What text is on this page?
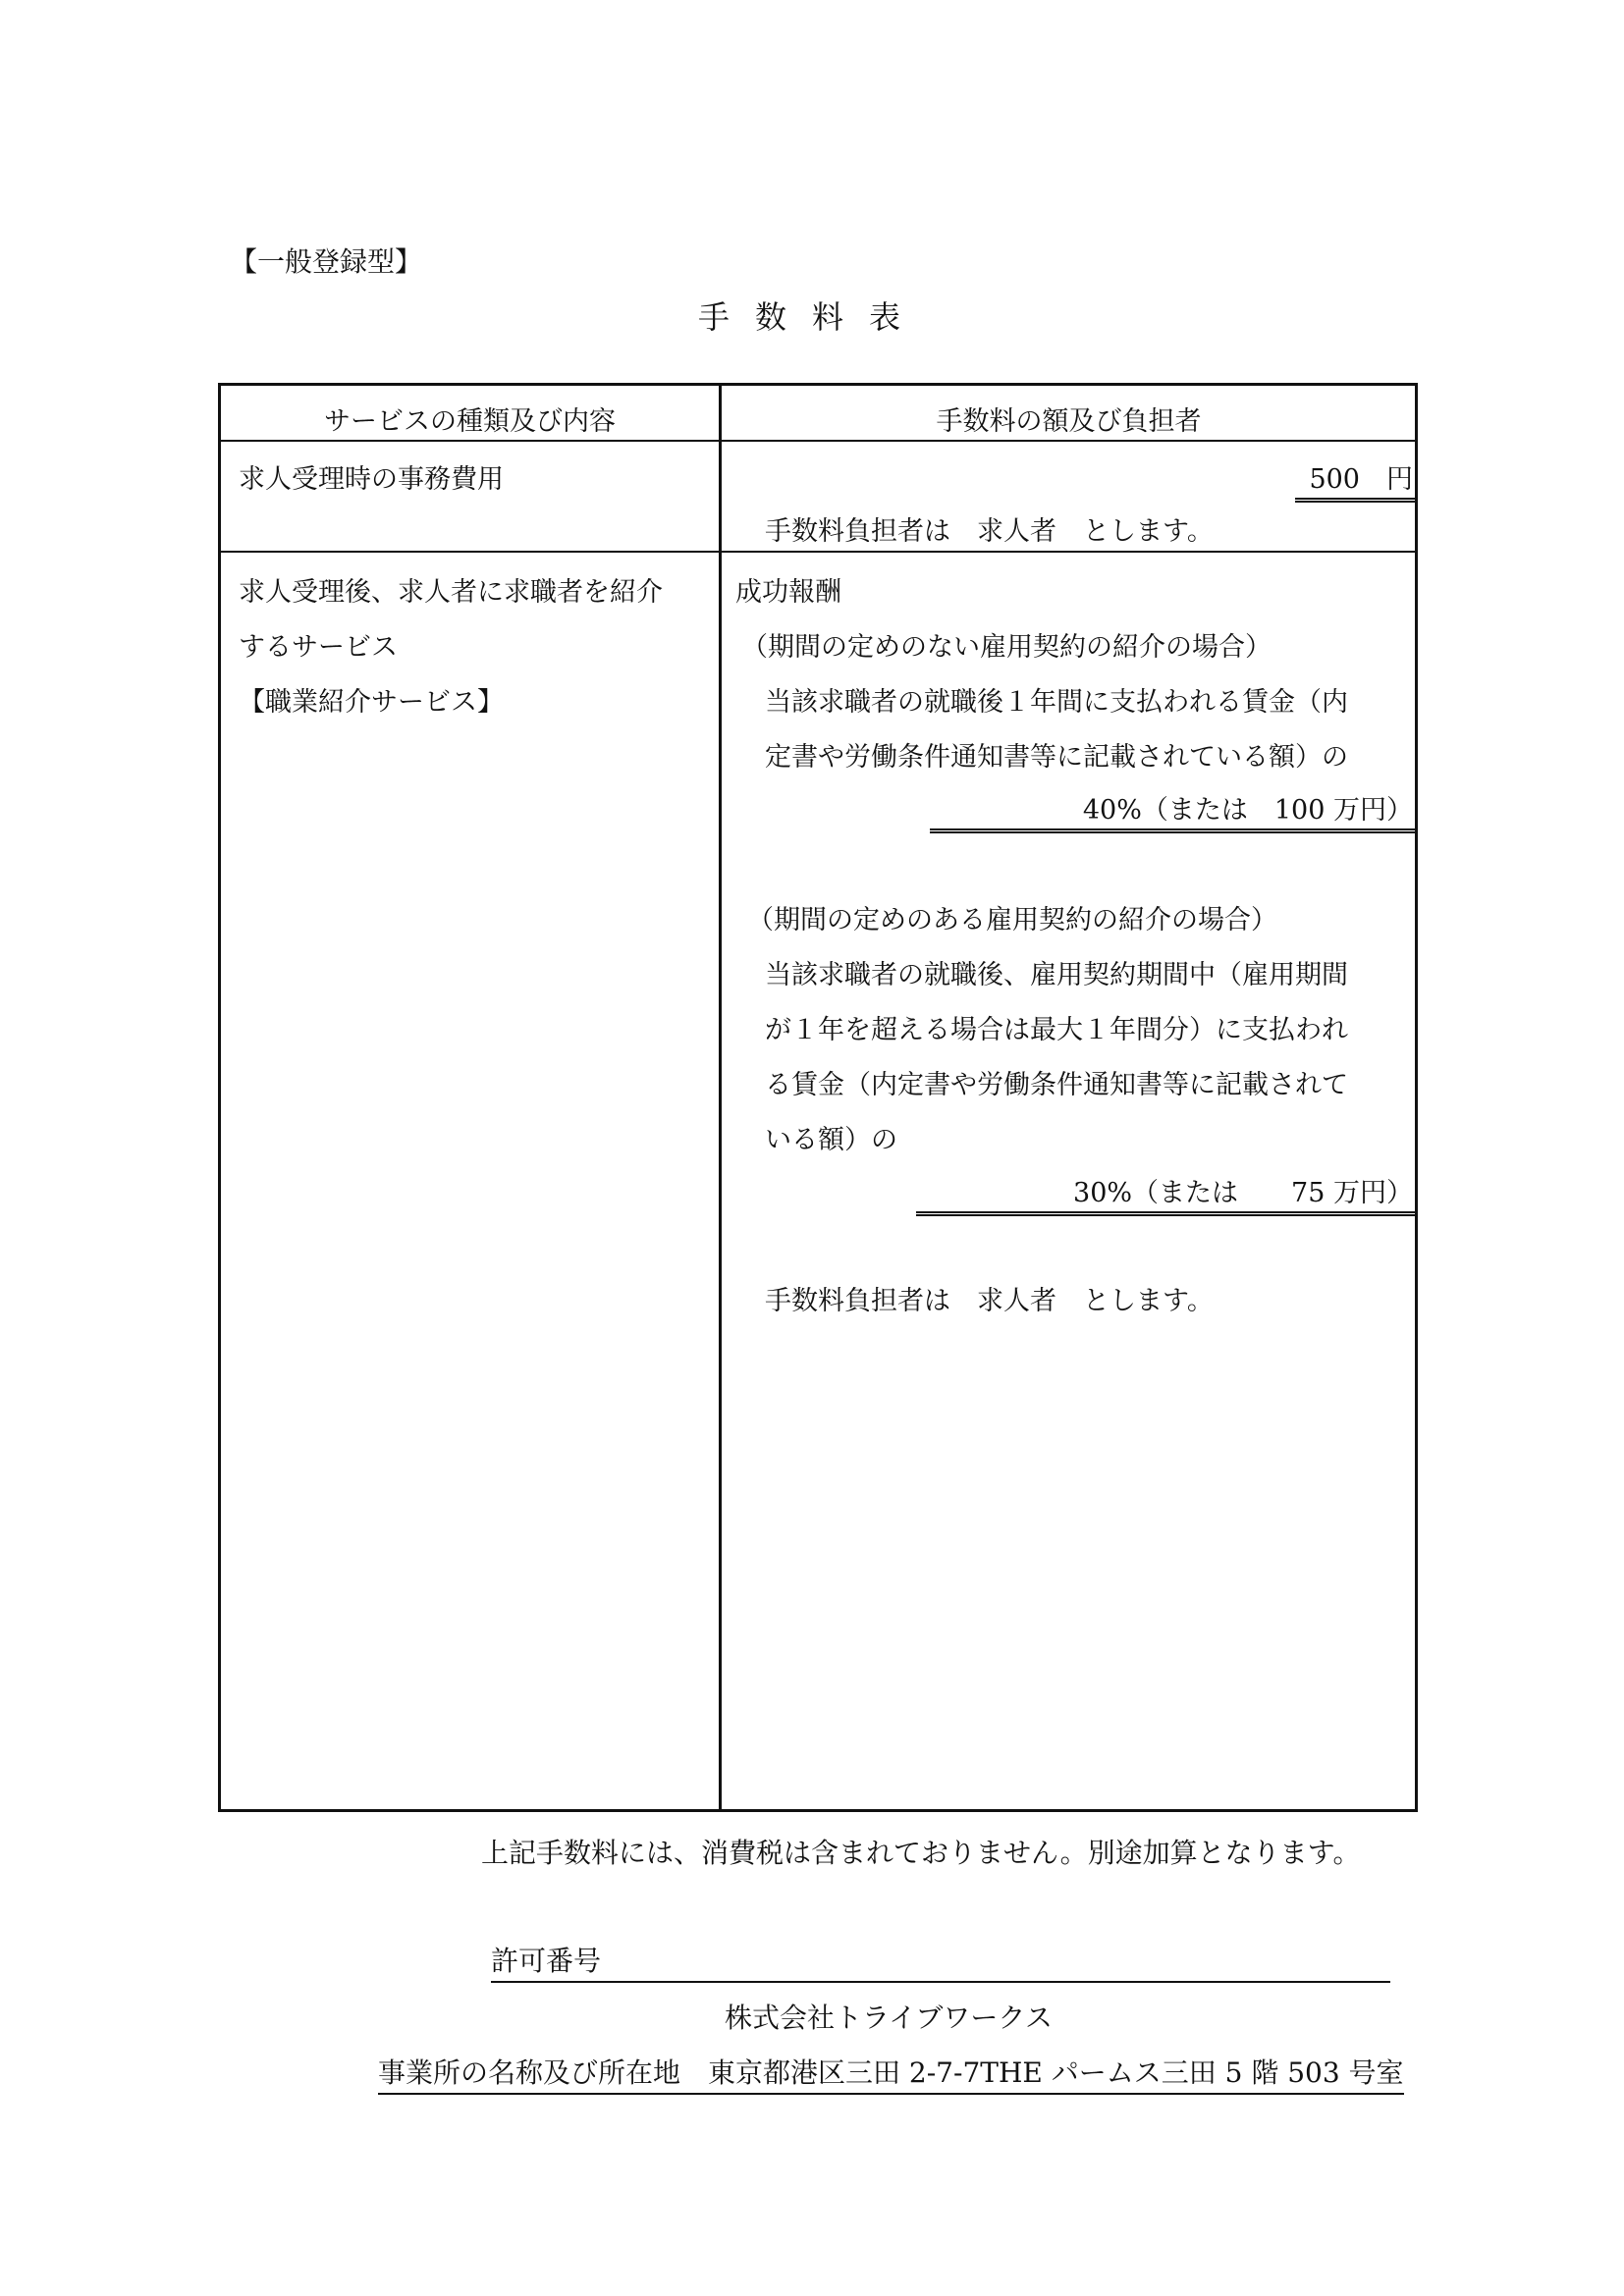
【一般登録型】
手数料表
サービスの種類及び内容	手数料の額及び負担者
求人受理時の事務費用	500　円
手数料負担者は　求人者　とします。
求人受理後、求人者に求職者を紹介
するサービス
【職業紹介サービス】
成功報酬
（期間の定めのない雇用契約の紹介の場合）
当該求職者の就職後１年間に支払われる賃金（内
定書や労働条件通知書等に記載されている額）の
40%（または　100 万円）
（期間の定めのある雇用契約の紹介の場合）
当該求職者の就職後、雇用契約期間中（雇用期間
が１年を超える場合は最大１年間分）に支払われ
る賃金（内定書や労働条件通知書等に記載されて
いる額）の
30%（または　　75 万円）
手数料負担者は　求人者　とします。
上記手数料には、消費税は含まれておりません。別途加算となります。
許可番号
株式会社トライブワークス
事業所の名称及び所在地　東京都港区三田 2-7-7THE パームス三田 5 階 503 号室
